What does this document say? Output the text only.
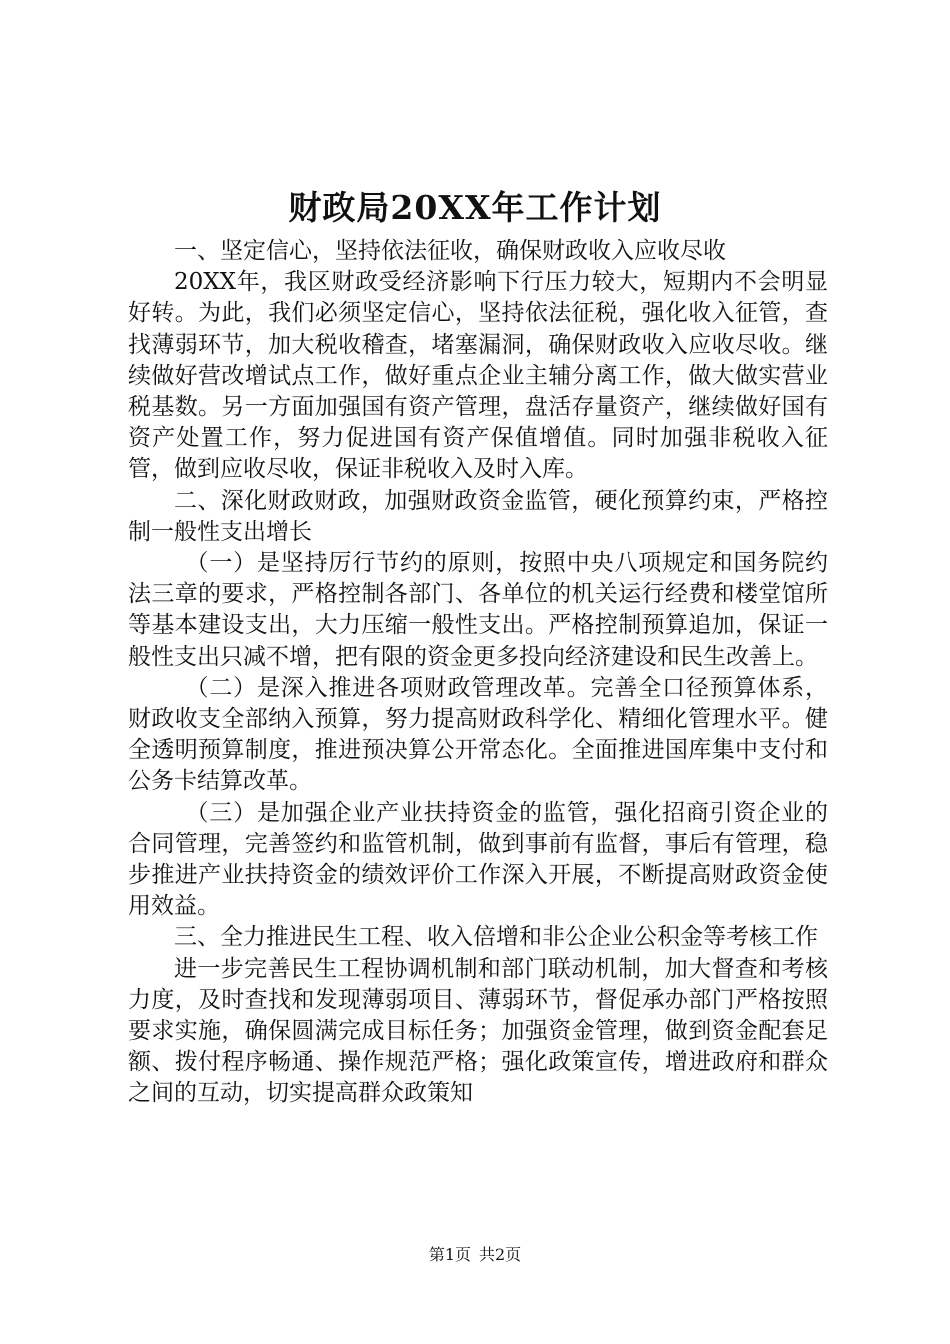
财政局20XX年工作计划

一、坚定信心，坚持依法征收，确保财政收入应收尽收

20XX年，我区财政受经济影响下行压力较大，短期内不会明显好转。为此，我们必须坚定信心，坚持依法征税，强化收入征管，查找薄弱环节，加大税收稽查，堵塞漏洞，确保财政收入应收尽收。继续做好营改增试点工作，做好重点企业主辅分离工作，做大做实营业税基数。另一方面加强国有资产管理，盘活存量资产，继续做好国有资产处置工作，努力促进国有资产保值增值。同时加强非税收入征管，做到应收尽收，保证非税收入及时入库。

二、深化财政财政，加强财政资金监管，硬化预算约束，严格控制一般性支出增长

（一）是坚持厉行节约的原则，按照中央八项规定和国务院约法三章的要求，严格控制各部门、各单位的机关运行经费和楼堂馆所等基本建设支出，大力压缩一般性支出。严格控制预算追加，保证一般性支出只减不增，把有限的资金更多投向经济建设和民生改善上。

（二）是深入推进各项财政管理改革。完善全口径预算体系，财政收支全部纳入预算，努力提高财政科学化、精细化管理水平。健全透明预算制度，推进预决算公开常态化。全面推进国库集中支付和公务卡结算改革。

（三）是加强企业产业扶持资金的监管，强化招商引资企业的合同管理，完善签约和监管机制，做到事前有监督，事后有管理，稳步推进产业扶持资金的绩效评价工作深入开展，不断提高财政资金使用效益。

三、全力推进民生工程、收入倍增和非公企业公积金等考核工作

进一步完善民生工程协调机制和部门联动机制，加大督查和考核力度，及时查找和发现薄弱项目、薄弱环节，督促承办部门严格按照要求实施，确保圆满完成目标任务；加强资金管理，做到资金配套足额、拨付程序畅通、操作规范严格；强化政策宣传，增进政府和群众之间的互动，切实提高群众政策知

第1页 共2页
